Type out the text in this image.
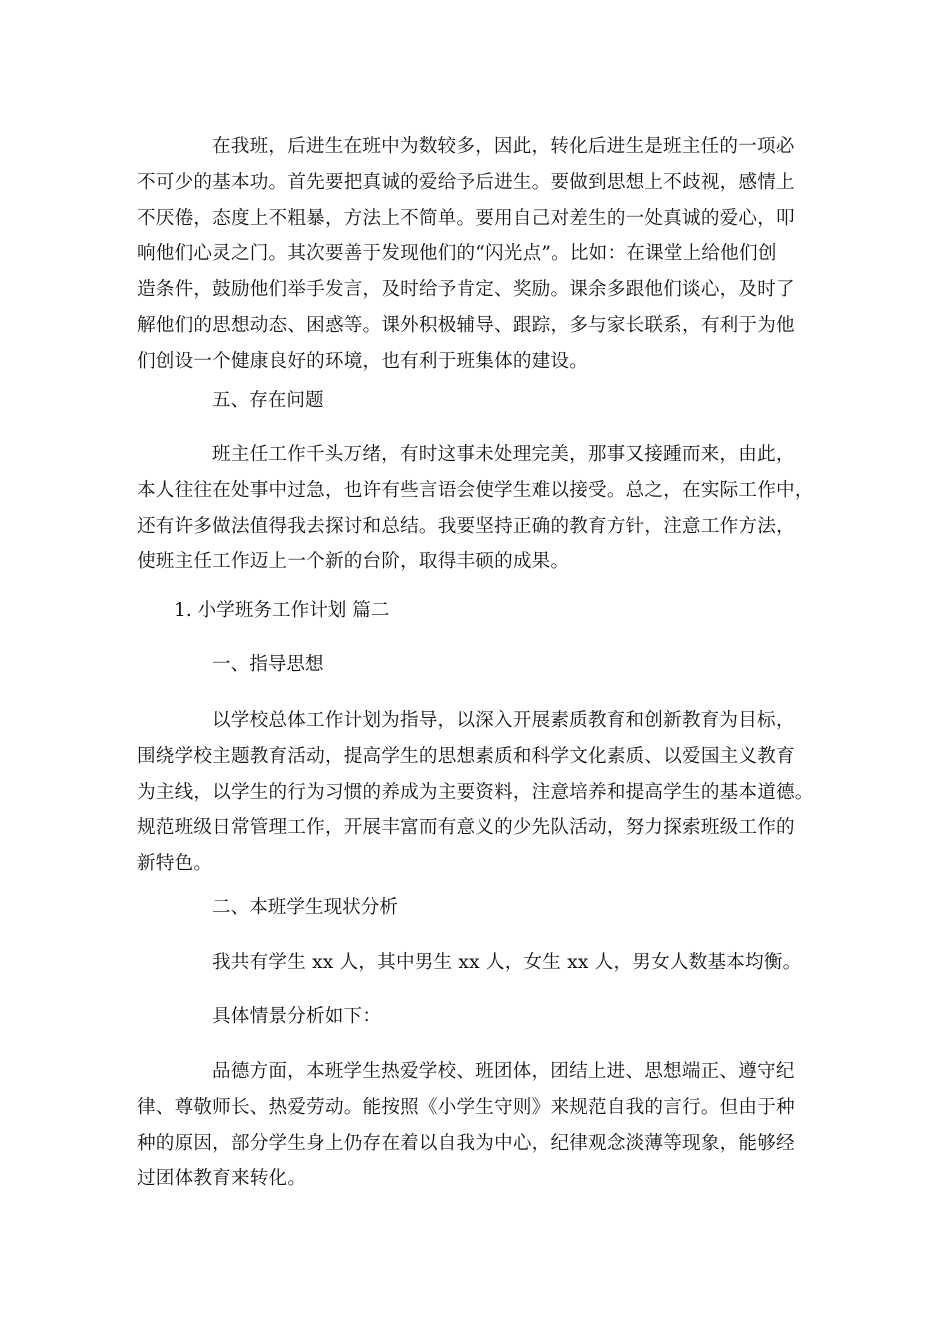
在我班，后进生在班中为数较多，因此，转化后进生是班主任的一项必
不可少的基本功。首先要把真诚的爱给予后进生。要做到思想上不歧视，感情上
不厌倦，态度上不粗暴，方法上不简单。要用自己对差生的一处真诚的爱心，叩
响他们心灵之门。其次要善于发现他们的“闪光点”。比如：在课堂上给他们创
造条件，鼓励他们举手发言，及时给予肯定、奖励。课余多跟他们谈心，及时了
解他们的思想动态、困惑等。课外积极辅导、跟踪，多与家长联系，有利于为他
们创设一个健康良好的环境，也有利于班集体的建设。
五、存在问题
班主任工作千头万绪，有时这事未处理完美，那事又接踵而来，由此，
本人往往在处事中过急，也许有些言语会使学生难以接受。总之，在实际工作中，
还有许多做法值得我去探讨和总结。我要坚持正确的教育方针，注意工作方法，
使班主任工作迈上一个新的台阶，取得丰硕的成果。
1. 小学班务工作计划 篇二
一、指导思想
以学校总体工作计划为指导，以深入开展素质教育和创新教育为目标，
围绕学校主题教育活动，提高学生的思想素质和科学文化素质、以爱国主义教育
为主线，以学生的行为习惯的养成为主要资料，注意培养和提高学生的基本道德。
规范班级日常管理工作，开展丰富而有意义的少先队活动，努力探索班级工作的
新特色。
二、本班学生现状分析
我共有学生 xx 人，其中男生 xx 人，女生 xx 人，男女人数基本均衡。
具体情景分析如下：
品德方面，本班学生热爱学校、班团体，团结上进、思想端正、遵守纪
律、尊敬师长、热爱劳动。能按照《小学生守则》来规范自我的言行。但由于种
种的原因，部分学生身上仍存在着以自我为中心，纪律观念淡薄等现象，能够经
过团体教育来转化。
